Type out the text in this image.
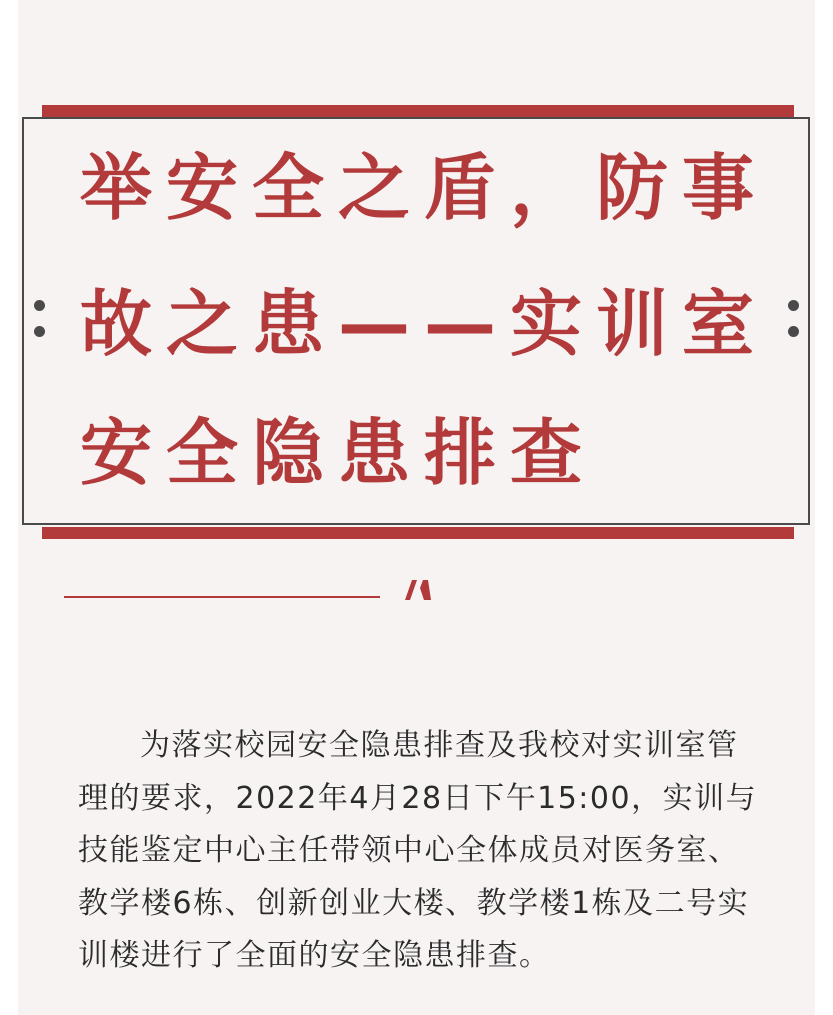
举安全之盾，防事
故之患——实训室
安全隐患排查

为落实校园安全隐患排查及我校对实训室管理的要求，2022年4月28日下午15:00，实训与技能鉴定中心主任带领中心全体成员对医务室、教学楼6栋、创新创业大楼、教学楼1栋及二号实训楼进行了全面的安全隐患排查。
